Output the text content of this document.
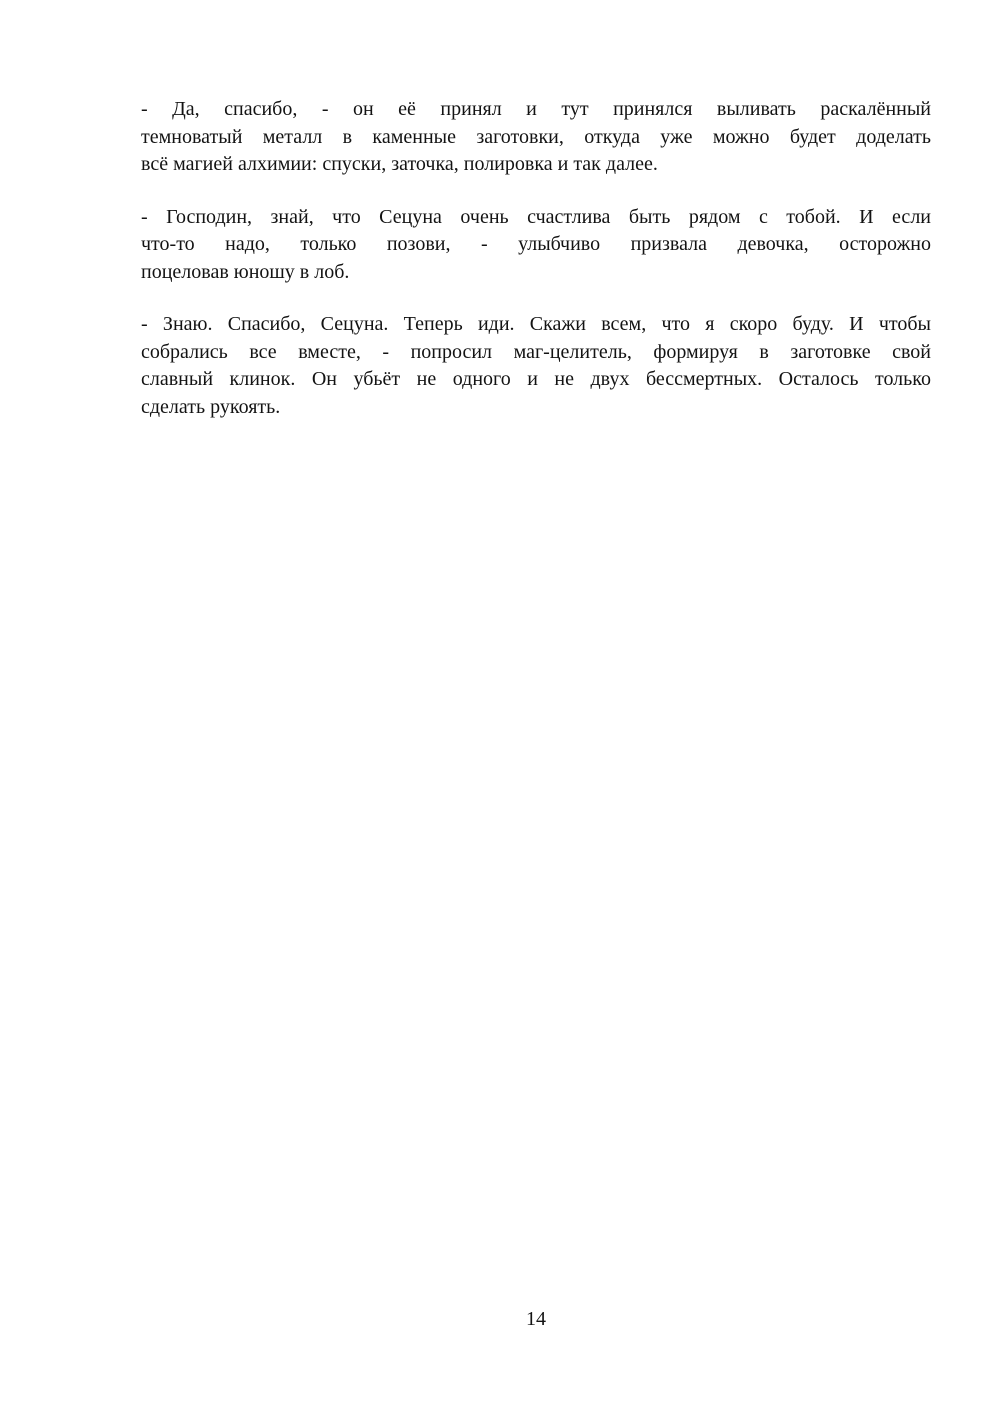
- Да, спасибо, - он её принял и тут принялся выливать раскалённый
темноватый металл в каменные заготовки, откуда уже можно будет доделать
всё магией алхимии: спуски, заточка, полировка и так далее.
- Господин, знай, что Сецуна очень счастлива быть рядом с тобой. И если
что-то надо, только позови, - улыбчиво призвала девочка, осторожно
поцеловав юношу в лоб.
- Знаю. Спасибо, Сецуна. Теперь иди. Скажи всем, что я скоро буду. И чтобы
собрались все вместе, - попросил маг-целитель, формируя в заготовке свой
славный клинок. Он убьёт не одного и не двух бессмертных. Осталось только
сделать рукоять.
14
